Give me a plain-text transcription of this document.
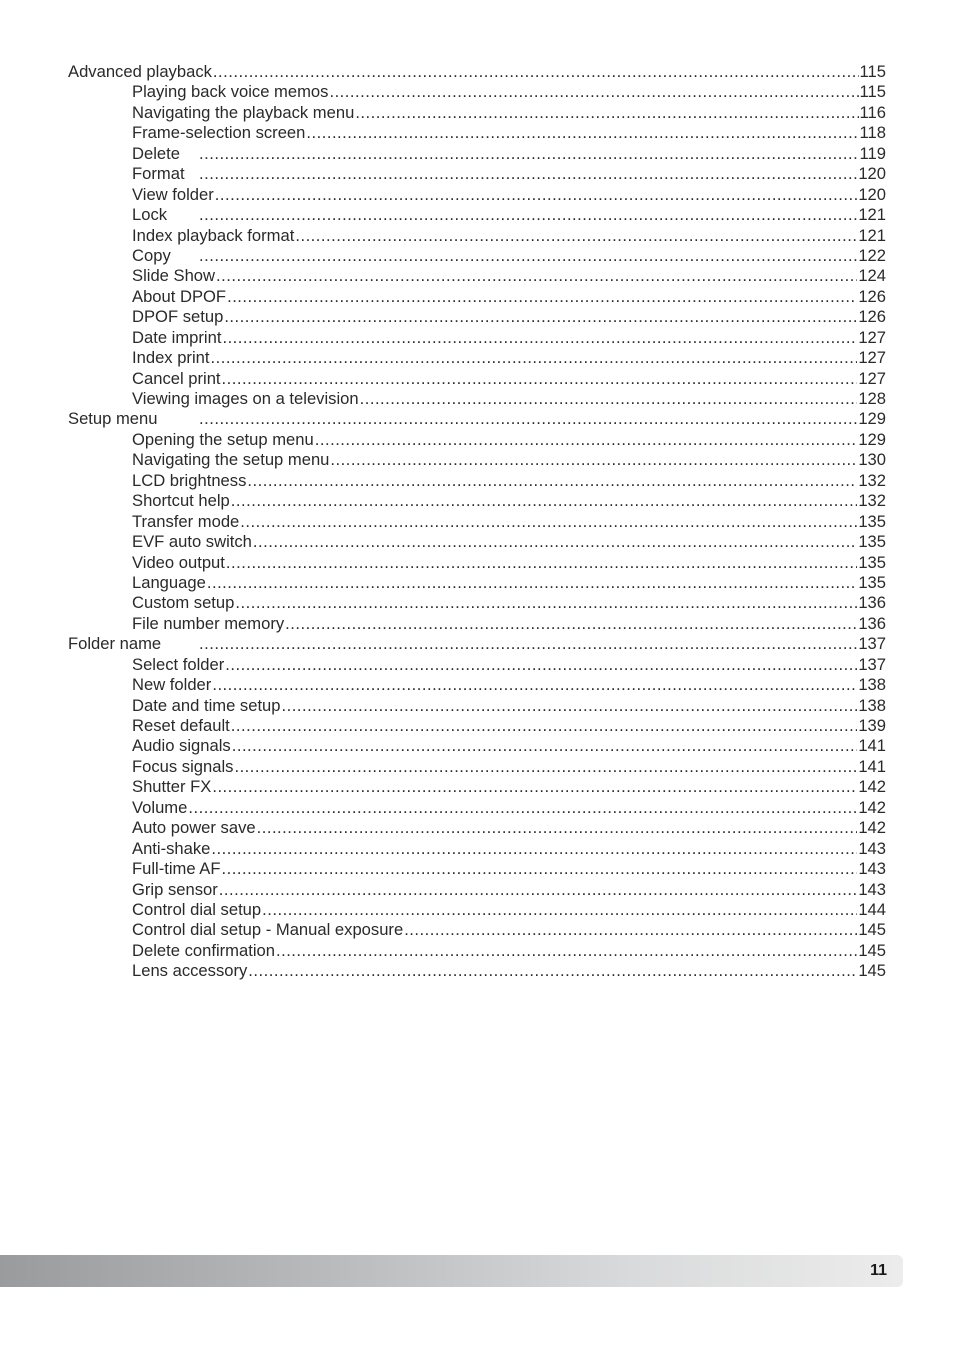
Advanced playback .....	115
Playing back voice memos .....	115
Navigating the playback menu .....	116
Frame-selection screen .....	118
Delete .....	119
Format .....	120
View folder .....	120
Lock .....	121
Index playback format .....	121
Copy .....	122
Slide Show .....	124
About DPOF .....	126
DPOF setup .....	126
Date imprint .....	127
Index print .....	127
Cancel print .....	127
Viewing images on a television .....	128
Setup menu .....	129
Opening the setup menu .....	129
Navigating the setup menu .....	130
LCD brightness .....	132
Shortcut help .....	132
Transfer mode .....	135
EVF auto switch .....	135
Video output .....	135
Language .....	135
Custom setup .....	136
File number memory .....	136
Folder name .....	137
Select folder .....	137
New folder .....	138
Date and time setup .....	138
Reset default .....	139
Audio signals .....	141
Focus signals .....	141
Shutter FX .....	142
Volume .....	142
Auto power save .....	142
Anti-shake .....	143
Full-time AF .....	143
Grip sensor .....	143
Control dial setup .....	144
Control dial setup - Manual exposure .....	145
Delete confirmation .....	145
Lens accessory .....	145
11
